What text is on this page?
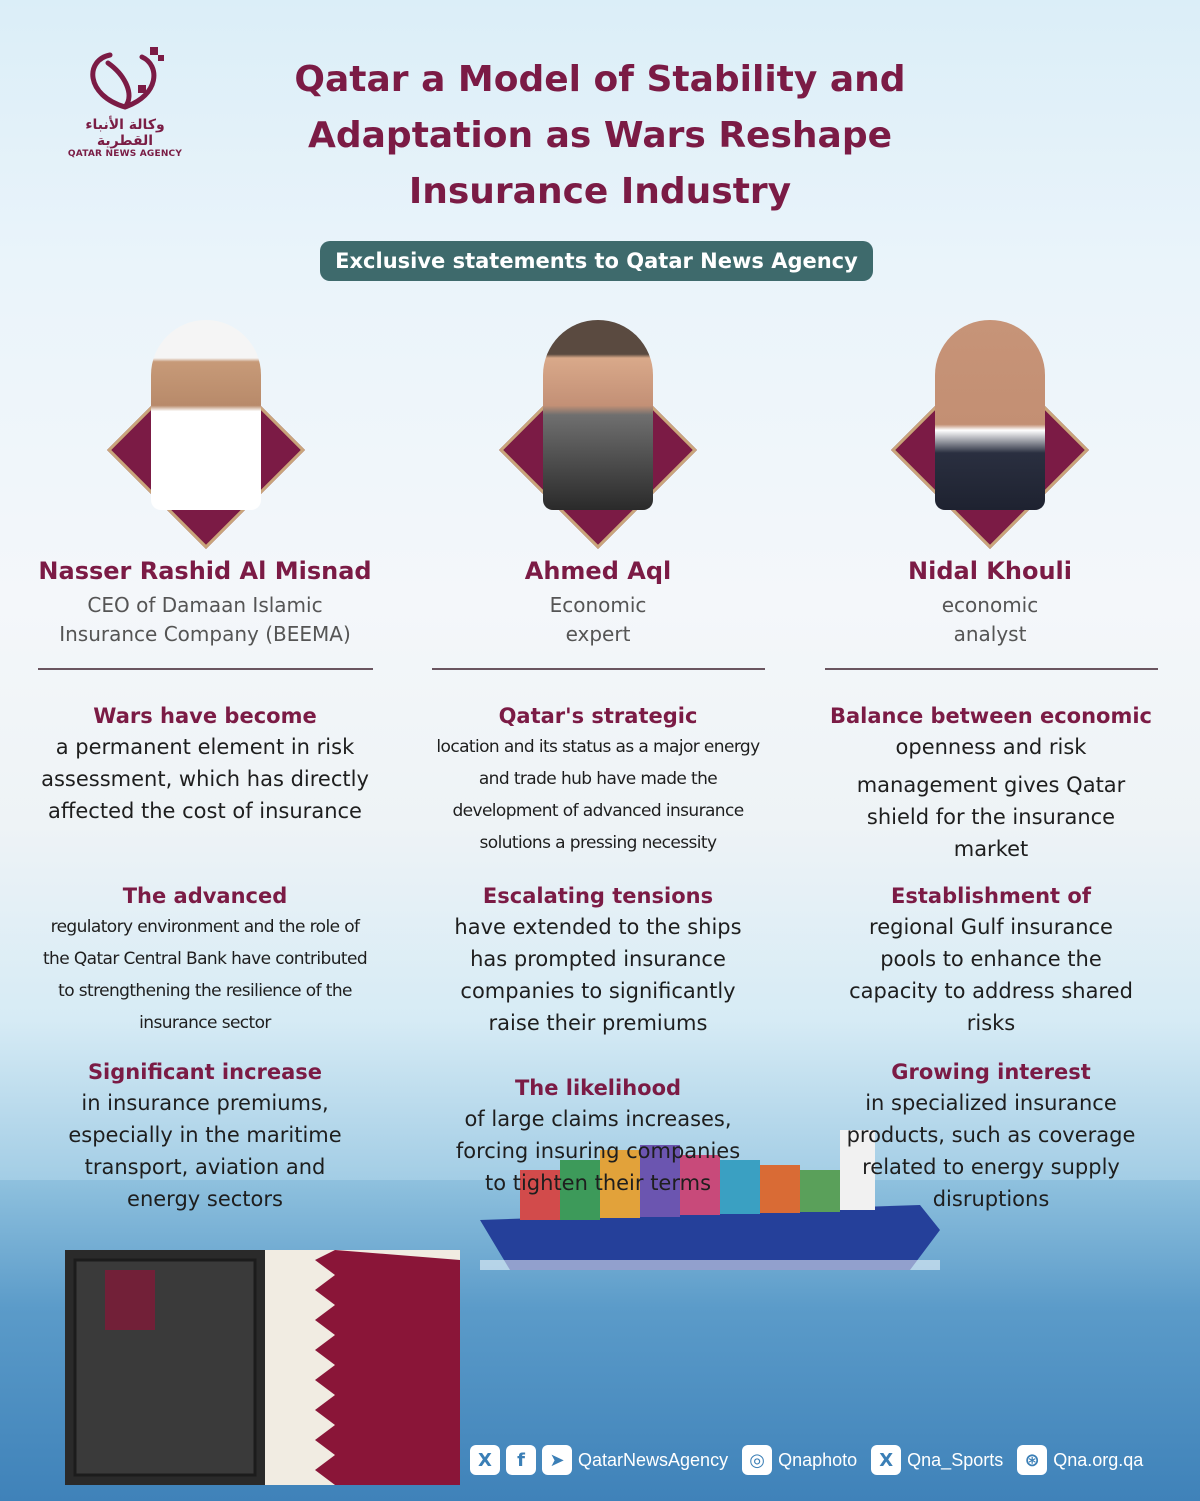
وكالة الأنباء القطرية
QATAR NEWS AGENCY
Qatar a Model of Stability and
Adaptation as Wars Reshape
Insurance Industry
Exclusive statements to Qatar News Agency
Nasser Rashid Al Misnad
CEO of Damaan Islamic
Insurance Company (BEEMA)
Ahmed Aql
Economic
expert
Nidal Khouli
economic
analyst
Wars have become
a permanent element in risk
assessment, which has directly
affected the cost of insurance
The advanced
regulatory environment and the role of
the Qatar Central Bank have contributed
to strengthening the resilience of the
insurance sector
Significant increase
in insurance premiums,
especially in the maritime
transport, aviation and
energy sectors
Qatar's strategic
location and its status as a major energy
and trade hub have made the
development of advanced insurance
solutions a pressing necessity
Escalating tensions
have extended to the ships
has prompted insurance
companies to significantly
raise their premiums
The likelihood
of large claims increases,
forcing insuring companies
to tighten their terms
Balance between economic
openness and risk
management gives Qatar
shield for the insurance
market
Establishment of
regional Gulf insurance
pools to enhance the
capacity to address shared
risks
Growing interest
in specialized insurance
products, such as coverage
related to energy supply
disruptions
X	f	➤ QatarNewsAgency	◎ Qnaphoto	X Qna_Sports	⊛ Qna.org.qa
